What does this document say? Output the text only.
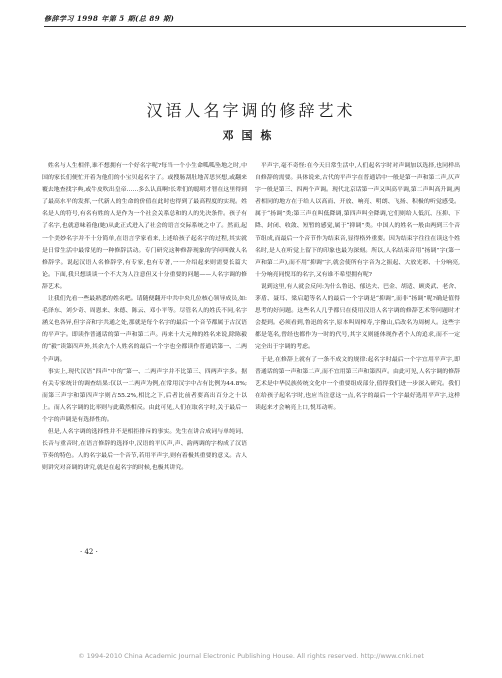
修辞学习 1998 年第 5 期(总 89 期)
汉语人名字调的修辞艺术
邓国栋

姓名与人生相伴,谁不想拥有一个好名字呢?每当一个小生命呱呱坠地之时,中国的家长们便忙开着为他们的小宝贝起名字了。或搜肠刮肚地苦思冥想,或翻来覆去地查找字典,或牛皮吹出皇帝……多么认真啊!长辈们的聪明才智在这里得到了最高水平的发挥,一代新人的生命的价值在此时也得到了最高程度的实现。姓名是人的符号,有名有姓的人是作为一个社会关系总和的人的先决条件。孩子有了名字,也就意味着他(她)从此正式进入了社会的语言交际系统之中了。然而,起一个美妙名字并不十分简单,在语言学家看来,上述给孩子起名字的过程,其实就是日常生活中最常见的一种修辞活动。专门研究这种修辞现象的学问叫做人名修辞学。说起汉语人名修辞学,有专家,也有专著,一一介绍起来则需要长篇大论。下面,我只想谈谈一个不大为人注意但又十分重要的问题——人名字调的修辞艺术。

让我们先看一些最熟悉的姓名吧。请随便翻开中共中央几位核心领导成员,如:毛泽东、刘少奇、周恩来、朱德、陈云、邓小平等。尽管名人的姓氏不同,名字涵义也各异,但字音和字共通之处,那就是每个名字的最后一个音节都属于古汉语的平声字。即读作普通话的第一声和第二声。再来十大元帅的姓名来说,除陈毅的“毅”读第四声外,其余九个人姓名的最后一个字也全都读作普通话第一、二两个声调。

事实上,现代汉语“四声”中的“第一、二两声字并不比第三、四两声字多。据有关专家统计的调查结果:仅以一二两声为例,在常用汉字中占有比例为44.8%;而第三声字和第四声字则占55.2%,相比之下,后者比前者要高出百分之十以上。而人名字调的比率则与此截然相反。由此可见,人们在取名字时,关于最后一个字的声调是有选择性的。

但是,人名字调的选择性并不是相拒排斥的事实。先生在讲合成词与单纯词、长音与重音时,在语言修辞的选择中,汉语的平仄声,声、韵两调的字构成了汉语节奏的特色。人的名字最后一个音节,若用平声字,则有着极其重要的意义。古人则讲究对音调的讲究,就是在起名字的时候,也极其讲究。

平声字,毫不奇怪:在今天日常生活中,人们起名字时对声调加以选择,也同样出自修辞的需要。具体说来,古代的平声字在普通话中一般是第一声和第二声,仄声字一般是第三、四两个声调。现代北京话第一声又叫高平调,第二声叫高升调,两者相同的地方在于给人以高而、开放、响亮、明朗、飞扬、积极的听觉感受。属于“扬调”类;第三声在叫低降调,第四声叫全降调,它们则给人低沉、压抑、下降、封闭、收敛、短暂的感觉,属于“抑调”类。中国人的姓名一般由两到三个音节组成,而最后一个音节作为结束音,显得格外重要。因为结束字往往在读这个姓名时,是人在听觉上留下的印象也最为深刻。所以,人名结束音用“扬调”字(第一声和第二声),而不用“抑调”字,就会使所有字音为之振起、大放光彩、十分响亮,十分响亮同悦耳的名字,又有谁不希望拥有呢?

说到这里,有人就会反问:为什么鲁迅、郁达夫、巴金、胡适、顾炎武、老舍、茅盾、聂耳、梁启超等名人的最后一个字调是“抑调”,而非“扬调”呢?确是值得思考的好问题。这些名人几乎都只在使用汉语人名字调的修辞艺术等问题时才会提到。必须看到,鲁迅的名字,原本叫周樟寿,字豫山,后改名为周树人。这些字都是笔名,曾经也都作为一时的代号,其字义则能体现作者个人的追求,而不一定完全出于字调的考虑。

于是,在修辞上就有了一条不成文的规律:起名字时最后一个字宜用平声字,即普通话的第一声和第二声,而不宜用第三声和第四声。由此可见,人名字调的修辞艺术是中华民族传统文化中一个重要组成部分,值得我们进一步深入研究。我们在给孩子起名字时,也应当注意这一点,名字的最后一个字最好选用平声字,这样读起来才会响亮上口,悦耳动听。

· 42 ·
© 1994-2010 China Academic Journal Electronic Publishing House. All rights reserved. http://www.cnki.net
